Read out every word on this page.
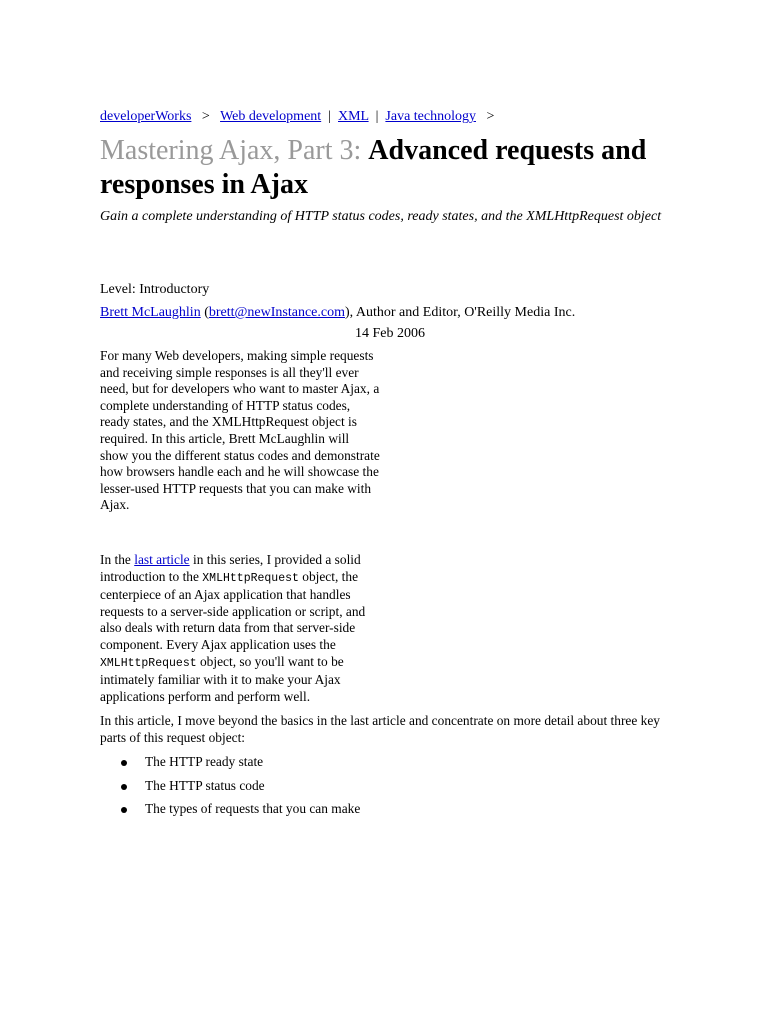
developerWorks > Web development | XML | Java technology >
Mastering Ajax, Part 3: Advanced requests and responses in Ajax

Gain a complete understanding of HTTP status codes, ready states, and the XMLHttpRequest object

Level: Introductory
Brett McLaughlin (brett@newInstance.com), Author and Editor, O'Reilly Media Inc.
14 Feb 2006

For many Web developers, making simple requests and receiving simple responses is all they'll ever need, but for developers who want to master Ajax, a complete understanding of HTTP status codes, ready states, and the XMLHttpRequest object is required. In this article, Brett McLaughlin will show you the different status codes and demonstrate how browsers handle each and he will showcase the lesser-used HTTP requests that you can make with Ajax.

In the last article in this series, I provided a solid introduction to the XMLHttpRequest object, the centerpiece of an Ajax application that handles requests to a server-side application or script, and also deals with return data from that server-side component. Every Ajax application uses the XMLHttpRequest object, so you'll want to be intimately familiar with it to make your Ajax applications perform and perform well.

In this article, I move beyond the basics in the last article and concentrate on more detail about three key parts of this request object:

The HTTP ready state
The HTTP status code
The types of requests that you can make
